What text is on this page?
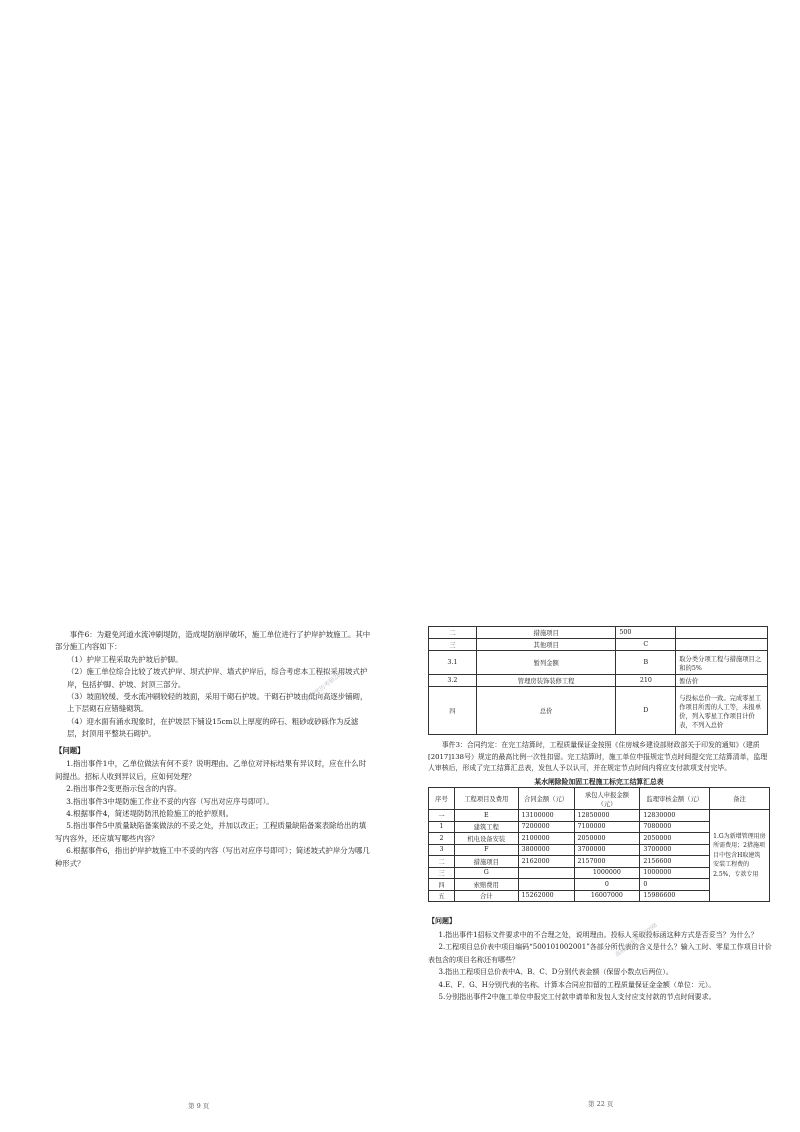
事件6：为避免河道水流冲刷堤防，造成堤防崩岸破坏，施工单位进行了护岸护坡施工。其中部分施工内容如下：

（1）护岸工程采取先护坡后护脚。

（2）施工单位综合比较了坡式护岸、坝式护岸、墙式护岸后，综合考虑本工程拟采用坡式护岸，包括护脚、护坡、封顶三部分。

（3）坡面较缓、受水流冲刷较轻的坡面，采用干砌石护坡。干砌石护坡由低向高逐步铺砌，上下层砌石应错缝砌筑。

（4）迎水面有涌水现象时，在护坡层下铺设15cm以上厚度的碎石、粗砂或砂砾作为反滤层，封顶用平整块石砌护。

【问题】

1.指出事件1中，乙单位做法有何不妥？说明理由。乙单位对评标结果有异议时，应在什么时间提出。招标人收到异议后，应如何处理？

2.指出事件2变更指示包含的内容。

3.指出事件3中堤防施工作业不妥的内容（写出对应序号即可）。

4.根据事件4，简述堤防防汛抢险施工的抢护原则。

5.指出事件5中质量缺陷备案做法的不妥之处，并加以改正；工程质量缺陷备案表除给出的填写内容外，还应填写哪些内容？

6.根据事件6，指出护岸护坡施工中不妥的内容（写出对应序号即可）；简述坡式护岸分为哪几种形式？

高顿学历考研2098
第 9 页
二	措施项目	500	
三	其他项目	C	
3.1	暂列金额	B	取分类分项工程与措施项目之和的5%
3.2	管理房装饰装修工程	210	暂估价
四	总价	D	与投标总价一致。完成零星工作项目所需的人工等，未报单价，列入零星工作项目计价表，不列入总价

事件3：合同约定：在完工结算时，工程质量保证金按照《住房城乡建设部财政部关于印发的通知》（建质[2017]138号）规定的最高比例一次性扣留。完工结算时，施工单位申报规定节点时间提交完工结算清单，监理人审核后，形成了完工结算汇总表，发包人予以认可，并在规定节点时间内将应支付款项支付完毕。

某水闸除险加固工程施工标完工结算汇总表
序号	工程项目及费用	合同金额（元）	承包人申报金额（元）	监理审核金额（元）	备注
一	E	13100000	12850000	12830000	1.G为新增管理用房所需费用；2措施项目中包含H取建筑安装工程费的2.5%，专款专用
1	建筑工程	7200000	7100000	7080000	
2	机电设备安装	2100000	2050000	2050000	
3	F	3800000	3700000	3700000	
二	措施项目	2162000	2157000	2156600	
三	G		1000000	1000000	
四	索赔费用		0	0	
五	合计	15262000	16007000	15986600	

【问题】

1.指出事件1招标文件要求中的不合理之处，说明理由。投标人采取投标函这种方式是否妥当？为什么？

2.工程项目总价表中项目编码“500101002001”各部分所代表的含义是什么？输入工时、零星工作项目计价表包含的项目名称还有哪些？

3.指出工程项目总价表中A、B、C、D分别代表金额（保留小数点后两位）。

4.E、F、G、H分别代表的名称。计算本合同应扣留的工程质量保证金金额（单位：元）。

5.分别指出事件2中施工单位申报完工付款申请单和发包人支付应支付款的节点时间要求。

高顿学历考研2098
第 22 页
